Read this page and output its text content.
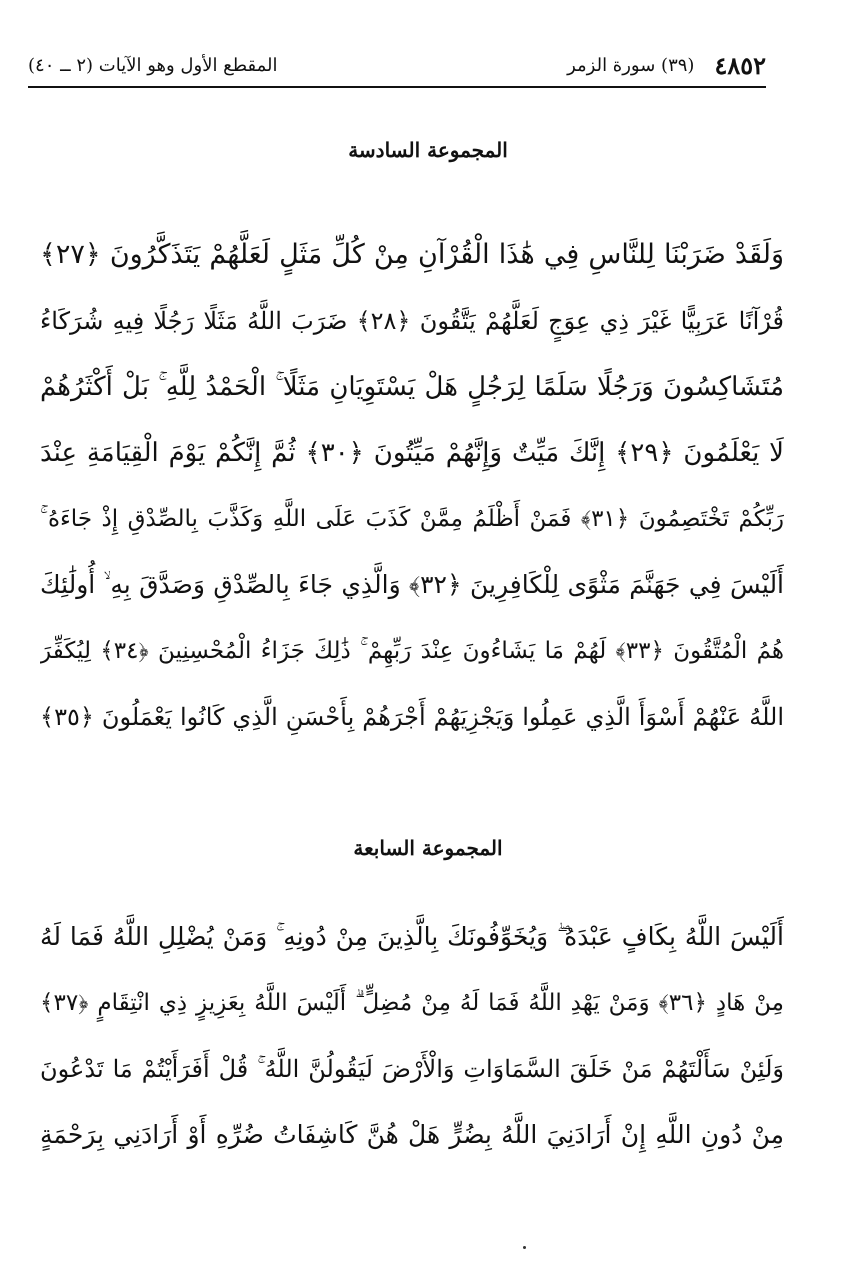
٤٨٥٢
(٣٩) سورة الزمر
المقطع الأول وهو الآيات (٢ ــ ٤٠)
المجموعة السادسة
وَلَقَدْ ضَرَبْنَا لِلنَّاسِ فِي هَٰذَا الْقُرْآنِ مِنْ كُلِّ مَثَلٍ لَعَلَّهُمْ يَتَذَكَّرُونَ ﴿٢٧﴾
قُرْآنًا عَرَبِيًّا غَيْرَ ذِي عِوَجٍ لَعَلَّهُمْ يَتَّقُونَ ﴿٢٨﴾ ضَرَبَ اللَّهُ مَثَلًا رَجُلًا فِيهِ شُرَكَاءُ
مُتَشَاكِسُونَ وَرَجُلًا سَلَمًا لِرَجُلٍ هَلْ يَسْتَوِيَانِ مَثَلًا ۚ الْحَمْدُ لِلَّهِ ۚ بَلْ أَكْثَرُهُمْ
لَا يَعْلَمُونَ ﴿٢٩﴾ إِنَّكَ مَيِّتٌ وَإِنَّهُمْ مَيِّتُونَ ﴿٣٠﴾ ثُمَّ إِنَّكُمْ يَوْمَ الْقِيَامَةِ عِنْدَ
رَبِّكُمْ تَخْتَصِمُونَ ﴿٣١﴾ فَمَنْ أَظْلَمُ مِمَّنْ كَذَبَ عَلَى اللَّهِ وَكَذَّبَ بِالصِّدْقِ إِذْ جَاءَهُ ۚ
أَلَيْسَ فِي جَهَنَّمَ مَثْوًى لِلْكَافِرِينَ ﴿٣٢﴾ وَالَّذِي جَاءَ بِالصِّدْقِ وَصَدَّقَ بِهِ ۙ أُولَٰئِكَ
هُمُ الْمُتَّقُونَ ﴿٣٣﴾ لَهُمْ مَا يَشَاءُونَ عِنْدَ رَبِّهِمْ ۚ ذَٰلِكَ جَزَاءُ الْمُحْسِنِينَ ﴿٣٤﴾ لِيُكَفِّرَ
اللَّهُ عَنْهُمْ أَسْوَأَ الَّذِي عَمِلُوا وَيَجْزِيَهُمْ أَجْرَهُمْ بِأَحْسَنِ الَّذِي كَانُوا يَعْمَلُونَ ﴿٣٥﴾
المجموعة السابعة
أَلَيْسَ اللَّهُ بِكَافٍ عَبْدَهُ ۖ وَيُخَوِّفُونَكَ بِالَّذِينَ مِنْ دُونِهِ ۚ وَمَنْ يُضْلِلِ اللَّهُ فَمَا لَهُ
مِنْ هَادٍ ﴿٣٦﴾ وَمَنْ يَهْدِ اللَّهُ فَمَا لَهُ مِنْ مُضِلٍّ ۗ أَلَيْسَ اللَّهُ بِعَزِيزٍ ذِي انْتِقَامٍ ﴿٣٧﴾
وَلَئِنْ سَأَلْتَهُمْ مَنْ خَلَقَ السَّمَاوَاتِ وَالْأَرْضَ لَيَقُولُنَّ اللَّهُ ۚ قُلْ أَفَرَأَيْتُمْ مَا تَدْعُونَ
مِنْ دُونِ اللَّهِ إِنْ أَرَادَنِيَ اللَّهُ بِضُرٍّ هَلْ هُنَّ كَاشِفَاتُ ضُرِّهِ أَوْ أَرَادَنِي بِرَحْمَةٍ
